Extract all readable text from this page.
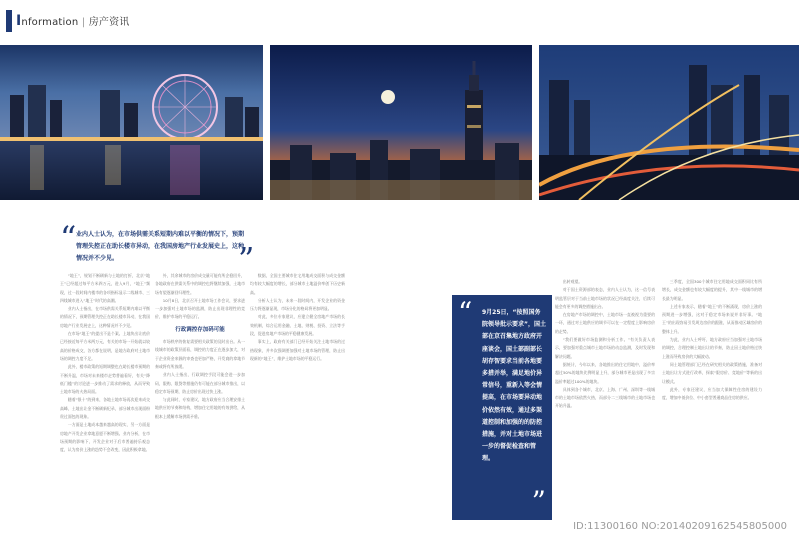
Information | 房产资讯
“ 业内人士认为，在市场供需关系短期内难以平衡的情况下，预期管理失控正在助长楼市异动，在我国房地产行业发展史上，这种情况并不少见。	”

“地王”，规划不断刷新与土地的打折，北京“地王”已经超过每平方米四万元，进入9月，“地王”频现，过一段时间内楼市的各项指标显示二线城市、三四线城市进入“地王”时代的高潮。

业内人士指出，在市场供需关系短期内难以平衡的情况下，预期管理失控正在助长楼市异动，在我国房地产行业发展史上，这种情况并不少见。

在市场“地王”的提出不是个案。上地块出让底价已经接近每平方米两万元，有关的市场一开始就以较高的价格成交，各方都在说明，是地方政府对土地市场的调控力度不足。

此外，楼市政策的短期调整也在助长楼市预期的不断升温，市场对未来楼市走势普遍看好，有关“降低门槛”的讨论进一步推动了需求的释放，从而导致土地市场的火热局面。

随着“银十”的到来，各地土地市场再次迎来成交高峰，土地出让金不断刷新纪录，部分城市出现面粉贵过面包的现象。

一方面是土地成本越来越高的现实，另一方面是房地产开发企业拿地意愿不断增强。业内分析，在市场预期的影响下，开发企业对于后市普遍持乐观态度，认为房价上涨的趋势不会改变，因此积极拿地。

外，其余城市的房价成交量可能有所企稳回升，各地政府在供需关系中的调控也将继续加强，土地市场有望逐渐回归理性。

10月8日，北京召开土地市场工作会议，要求进一步加强对土地市场的监测，防止出现非理性的竞价，维护市场的平稳运行。

行政调控存加码可能

市场秩序的恢复需要相关政策的及时出台。从一线城市的政策层面看，调控的力度正在逐步加大，对于企业资金来源的审查也更加严格，开发商的拿地节奏或将有所放缓。

业内人士指出，行政调控手段可能会进一步加码，限购、限贷等措施仍有可能在部分城市推出，以稳定市场预期，防止房价出现过快上涨。

与此同时，专家建议，地方政府应当合理安排土地供应的节奏和结构，增加住宅用地的有效供给，从根本上缓解市场供需矛盾。

数据，全国主要城市住宅用地成交面积与成交金额均有较大幅度的增长，部分城市土地溢价率创下历史新高。

分析人士认为，未来一段时间内，开发企业的资金压力将逐渐显现，市场分化的格局将更加明显。

对此，多位专家建议，应建立健全房地产市场的长效机制，综合运用金融、土地、财税、投资、立法等手段，促进房地产市场的平稳健康发展。

事实上，政府有关部门已经开始关注土地市场的过热现象，并多次强调要加强对土地市场的管理，防止出现新的“地王”，维护土地市场的平稳运行。

“ 9月25日，“按照国务院领导批示要求”，国土部在京召集地方政府开座谈会，国土部副部长胡存智要求当前各地要多措并举，满足地价异常信号，重新入等会情提高，在市场要异动地价依然有效，通过多渠道控制和加强的的防控措施，并对土地市场进一步的督促检查和管理。
”

出转观望。

对于国土资源部的表态，业内人士认为，这一信号表明监管层对于当前土地市场的状况已经高度关注，后续可能会有更多的调控措施出台。

在房地产市场的调控中，土地市场一直被视为重要的一环，通过对土地供应的调节可以在一定程度上影响房价的走势。

“我们要做好市场监测和分析工作。”有关负责人表示，要加强对重点城市土地市场的动态监测，及时发现和解决问题。

据统计，今年以来，各地推出的住宅用地中，溢价率超过50%的地块比例明显上升，部分城市更是出现了多宗溢价率超过100%的地块。

具体到各个城市，北京、上海、广州、深圳等一线城市的土地市场依然火热，而部分二三线城市的土地市场也开始升温。

三季度，全国300个城市住宅用地成交面积同比有所增长，成交金额也有较大幅度的提升，其中一线城市的增长最为明显。

上述专家表示，随着“地王”的不断涌现，房价上涨的预期进一步增强，这对于稳定市场来说并非好事。“地王”的出现容易引发周边房价的跟涨，从而推动区域房价的整体上升。

为此，业内人士呼吁，地方政府应当加强对土地市场的调控，合理控制土地出让的节奏，防止因土地价格过快上涨而导致房价的大幅波动。

同土地管理部门已经在研究相关的政策措施，准备对土地出让方式进行改革，探索“限房价、竞地价”等新的出让模式。

此外，专家还建议，应当加大保障性住房的建设力度，增加中低价位、中小套型普通商品住房的供应。

ID:11300160 NO:20140209162545805000
